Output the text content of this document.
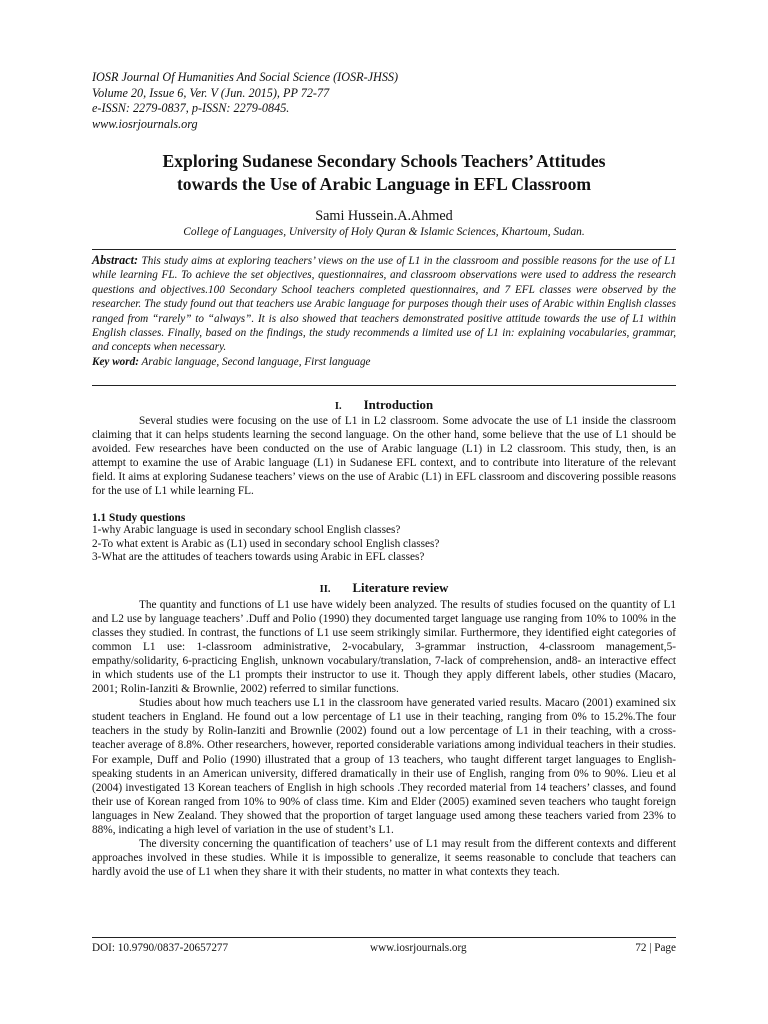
IOSR Journal Of Humanities And Social Science (IOSR-JHSS)
Volume 20, Issue 6, Ver. V (Jun. 2015), PP 72-77
e-ISSN: 2279-0837, p-ISSN: 2279-0845.
www.iosrjournals.org
Exploring Sudanese Secondary Schools Teachers’ Attitudes
towards the Use of Arabic Language in EFL Classroom
Sami Hussein.A.Ahmed
College of Languages, University of Holy Quran & Islamic Sciences, Khartoum, Sudan.
Abstract: This study aims at exploring teachers’ views on the use of L1 in the classroom and possible reasons for the use of L1 while learning FL. To achieve the set objectives, questionnaires, and classroom observations were used to address the research questions and objectives.100 Secondary School teachers completed questionnaires, and 7 EFL classes were observed by the researcher. The study found out that teachers use Arabic language for purposes though their uses of Arabic within English classes ranged from “rarely” to “always”. It is also showed that teachers demonstrated positive attitude towards the use of L1 within English classes. Finally, based on the findings, the study recommends a limited use of L1 in: explaining vocabularies, grammar, and concepts when necessary.
Key word: Arabic language, Second language, First language
I. Introduction

Several studies were focusing on the use of L1 in L2 classroom. Some advocate the use of L1 inside the classroom claiming that it can helps students learning the second language. On the other hand, some believe that the use of L1 should be avoided. Few researches have been conducted on the use of Arabic language (L1) in L2 classroom. This study, then, is an attempt to examine the use of Arabic language (L1) in Sudanese EFL context, and to contribute into literature of the relevant field. It aims at exploring Sudanese teachers’ views on the use of Arabic (L1) in EFL classroom and discovering possible reasons for the use of L1 while learning FL.

1.1 Study questions
1-why Arabic language is used in secondary school English classes?
2-To what extent is Arabic as (L1) used in secondary school English classes?
3-What are the attitudes of teachers towards using Arabic in EFL classes?
II. Literature review

The quantity and functions of L1 use have widely been analyzed. The results of studies focused on the quantity of L1 and L2 use by language teachers’ .Duff and Polio (1990) they documented target language use ranging from 10% to 100% in the classes they studied. In contrast, the functions of L1 use seem strikingly similar. Furthermore, they identified eight categories of common L1 use: 1-classroom administrative, 2-vocabulary, 3-grammar instruction, 4-classroom management,5-empathy/solidarity, 6-practicing English, unknown vocabulary/translation, 7-lack of comprehension, and8- an interactive effect in which students use of the L1 prompts their instructor to use it. Though they apply different labels, other studies (Macaro, 2001; Rolin-Ianziti & Brownlie, 2002) referred to similar functions.

Studies about how much teachers use L1 in the classroom have generated varied results. Macaro (2001) examined six student teachers in England. He found out a low percentage of L1 use in their teaching, ranging from 0% to 15.2%.The four teachers in the study by Rolin-Ianziti and Brownlie (2002) found out a low percentage of L1 in their teaching, with a cross-teacher average of 8.8%. Other researchers, however, reported considerable variations among individual teachers in their studies. For example, Duff and Polio (1990) illustrated that a group of 13 teachers, who taught different target languages to English-speaking students in an American university, differed dramatically in their use of English, ranging from 0% to 90%. Lieu et al (2004) investigated 13 Korean teachers of English in high schools .They recorded material from 14 teachers’ classes, and found their use of Korean ranged from 10% to 90% of class time. Kim and Elder (2005) examined seven teachers who taught foreign languages in New Zealand. They showed that the proportion of target language used among these teachers varied from 23% to 88%, indicating a high level of variation in the use of student’s L1.

The diversity concerning the quantification of teachers’ use of L1 may result from the different contexts and different approaches involved in these studies. While it is impossible to generalize, it seems reasonable to conclude that teachers can hardly avoid the use of L1 when they share it with their students, no matter in what contexts they teach.

DOI: 10.9790/0837-20657277	www.iosrjournals.org	72 | Page
